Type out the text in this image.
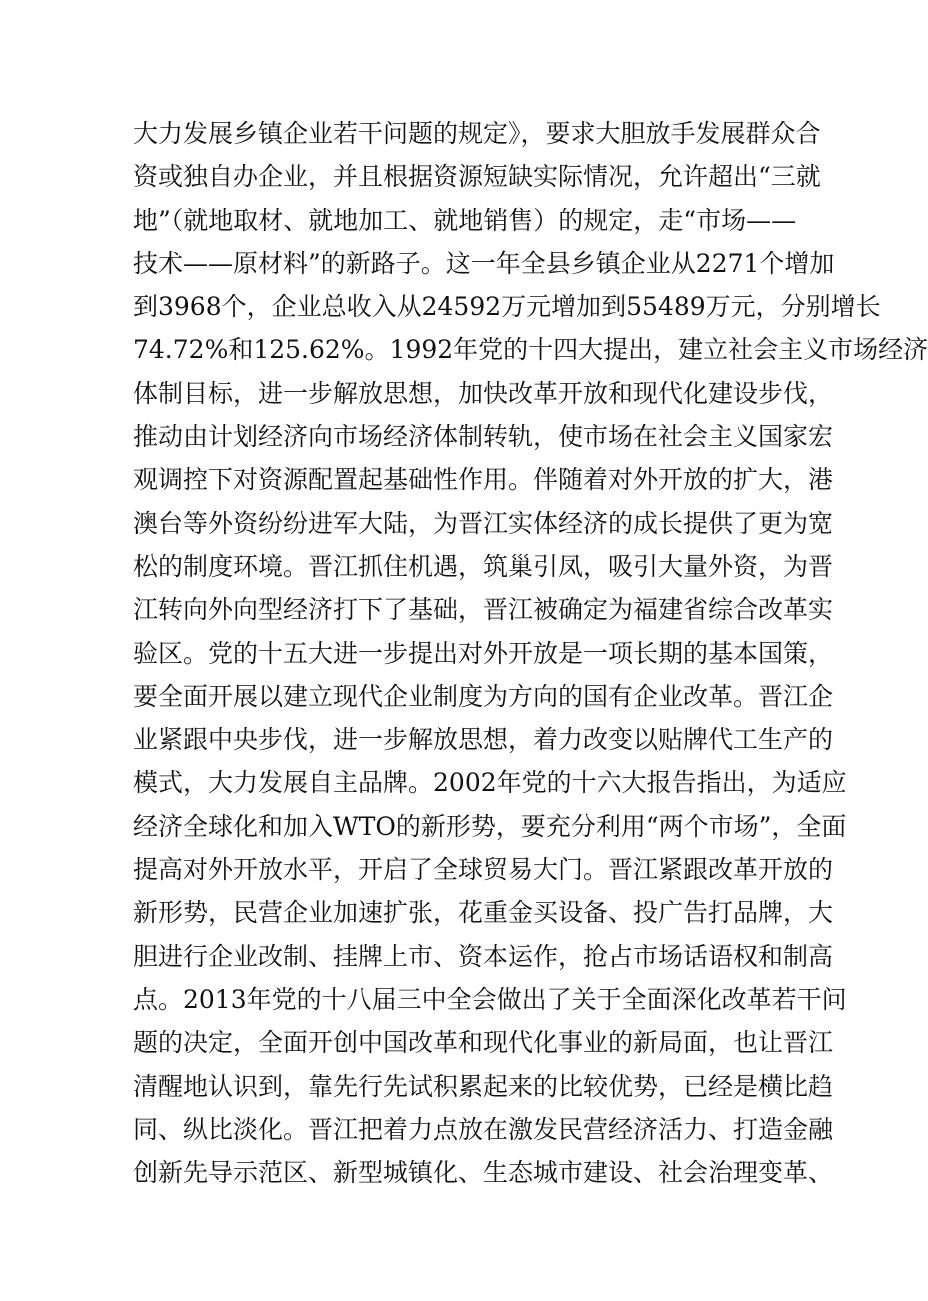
大力发展乡镇企业若干问题的规定》，要求大胆放手发展群众合
资或独自办企业，并且根据资源短缺实际情况，允许超出“三就
地”（就地取材、就地加工、就地销售）的规定，走“市场——
技术——原材料”的新路子。这一年全县乡镇企业从2271个增加
到3968个，企业总收入从24592万元增加到55489万元，分别增长
74.72%和125.62%。1992年党的十四大提出，建立社会主义市场经济
体制目标，进一步解放思想，加快改革开放和现代化建设步伐，
推动由计划经济向市场经济体制转轨，使市场在社会主义国家宏
观调控下对资源配置起基础性作用。伴随着对外开放的扩大，港
澳台等外资纷纷进军大陆，为晋江实体经济的成长提供了更为宽
松的制度环境。晋江抓住机遇，筑巢引凤，吸引大量外资，为晋
江转向外向型经济打下了基础，晋江被确定为福建省综合改革实
验区。党的十五大进一步提出对外开放是一项长期的基本国策，
要全面开展以建立现代企业制度为方向的国有企业改革。晋江企
业紧跟中央步伐，进一步解放思想，着力改变以贴牌代工生产的
模式，大力发展自主品牌。2002年党的十六大报告指出，为适应
经济全球化和加入WTO的新形势，要充分利用“两个市场”，全面
提高对外开放水平，开启了全球贸易大门。晋江紧跟改革开放的
新形势，民营企业加速扩张，花重金买设备、投广告打品牌，大
胆进行企业改制、挂牌上市、资本运作，抢占市场话语权和制高
点。2013年党的十八届三中全会做出了关于全面深化改革若干问
题的决定，全面开创中国改革和现代化事业的新局面，也让晋江
清醒地认识到，靠先行先试积累起来的比较优势，已经是横比趋
同、纵比淡化。晋江把着力点放在激发民营经济活力、打造金融
创新先导示范区、新型城镇化、生态城市建设、社会治理变革、
